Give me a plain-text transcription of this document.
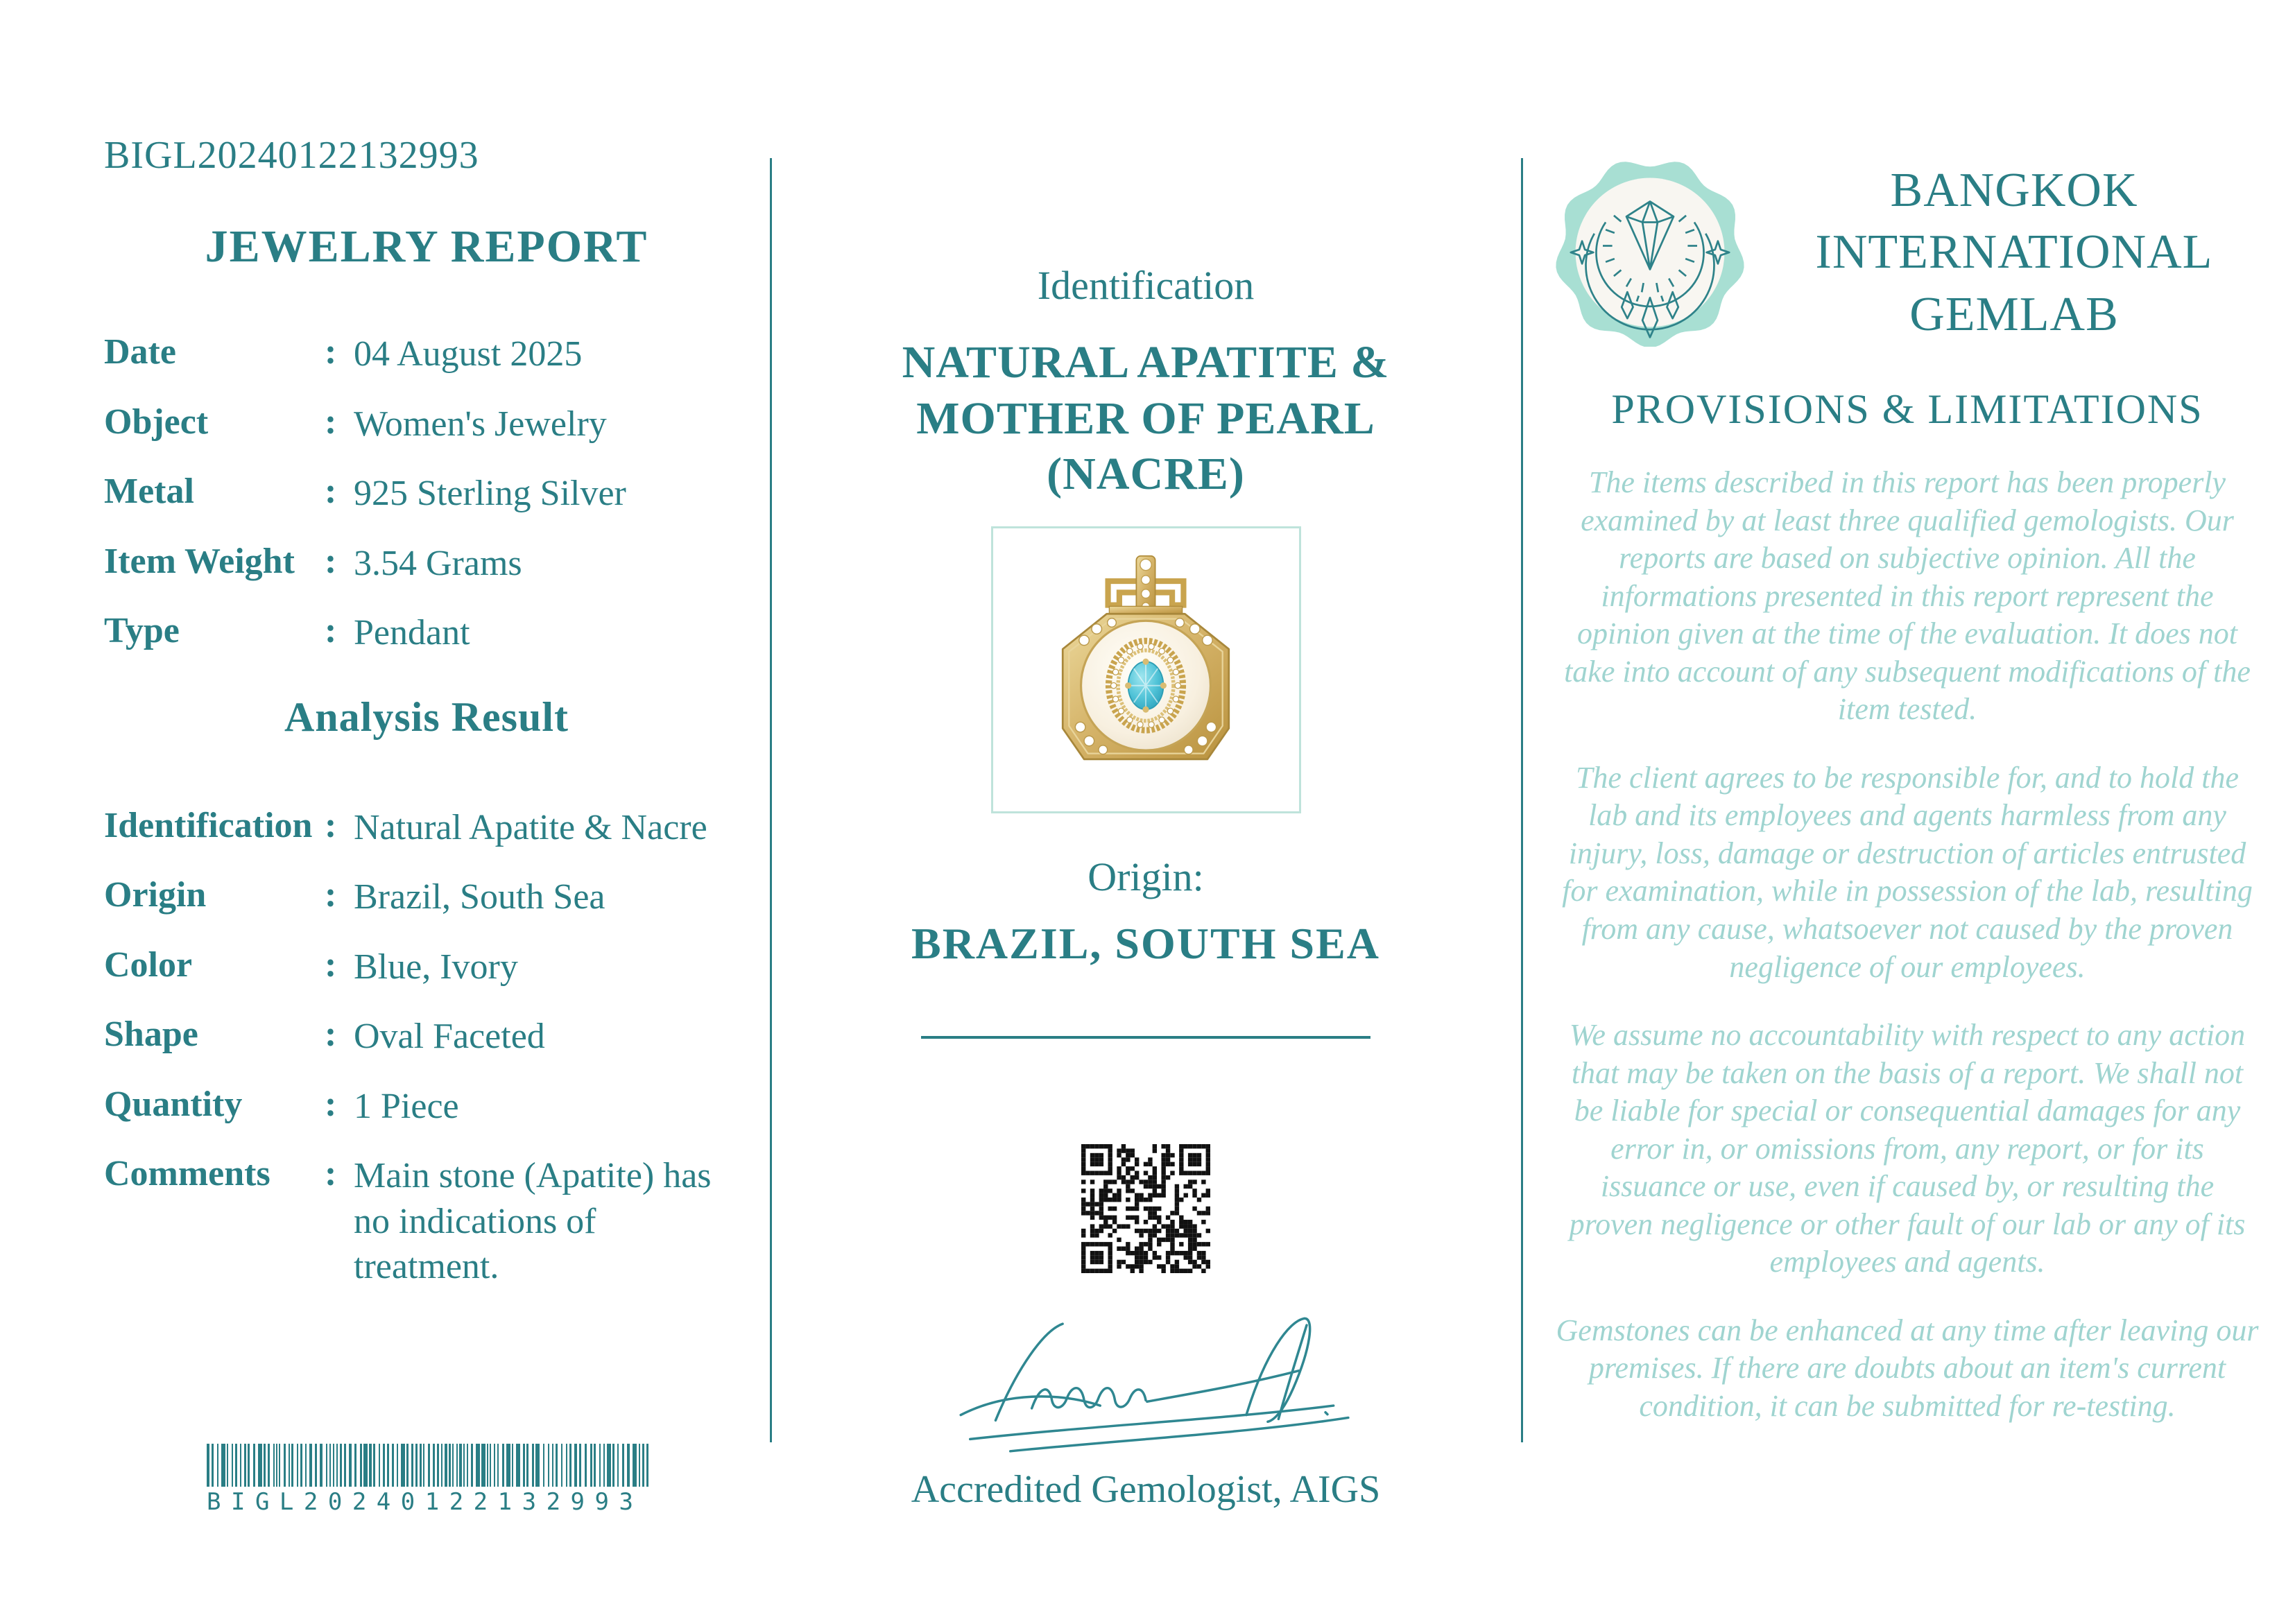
BIGL20240122132993
JEWELRY REPORT
Date	: 04 August 2025
Object	: Women's Jewelry
Metal	: 925 Sterling Silver
Item Weight : 3.54 Grams
Type	: Pendant
Analysis Result
Identification : Natural Apatite & Nacre
Origin	: Brazil, South Sea
Color	: Blue, Ivory
Shape	: Oval Faceted
Quantity	: 1 Piece
Comments	: Main stone (Apatite) has no indications of treatment.
BIGL20240122132993
Identification
NATURAL APATITE & MOTHER OF PEARL (NACRE)
Origin:
BRAZIL, SOUTH SEA
Accredited Gemologist, AIGS
BANGKOK
INTERNATIONAL
GEMLAB
PROVISIONS & LIMITATIONS
The items described in this report has been properly examined by at least three qualified gemologists. Our reports are based on subjective opinion. All the informations presented in this report represent the opinion given at the time of the evaluation. It does not take into account of any subsequent modifications of the item tested.
The client agrees to be responsible for, and to hold the lab and its employees and agents harmless from any injury, loss, damage or destruction of articles entrusted for examination, while in possession of the lab, resulting from any cause, whatsoever not caused by the proven negligence of our employees.
We assume no accountability with respect to any action that may be taken on the basis of a report. We shall not be liable for special or consequential damages for any error in, or omissions from, any report, or for its issuance or use, even if caused by, or resulting the proven negligence or other fault of our lab or any of its employees and agents.
Gemstones can be enhanced at any time after leaving our premises. If there are doubts about an item's current condition, it can be submitted for re-testing.
